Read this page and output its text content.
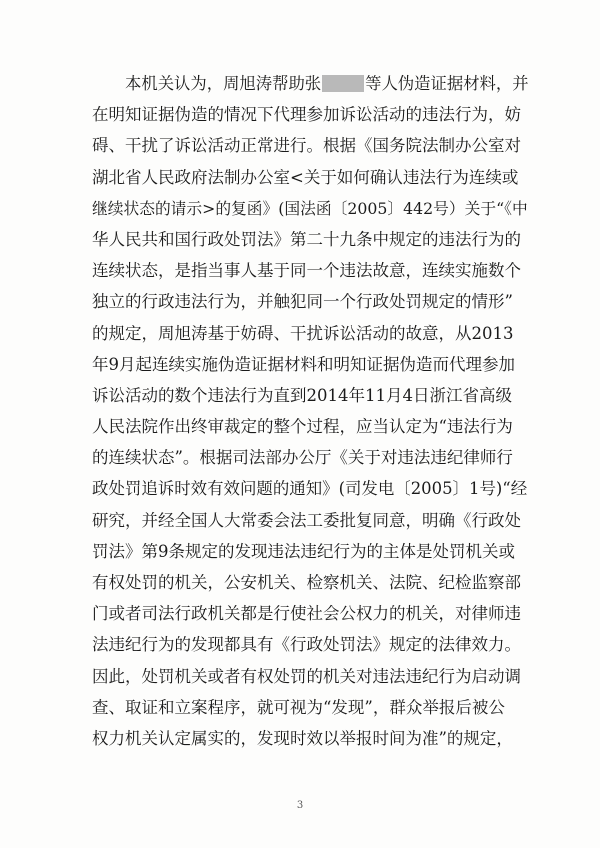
本机关认为，周旭涛帮助张	等人伪造证据材料，并
在明知证据伪造的情况下代理参加诉讼活动的违法行为，妨
碍、干扰了诉讼活动正常进行。根据《国务院法制办公室对
湖北省人民政府法制办公室<关于如何确认违法行为连续或
继续状态的请示>的复函》(国法函〔2005〕442号）关于“《中
华人民共和国行政处罚法》第二十九条中规定的违法行为的
连续状态，是指当事人基于同一个违法故意，连续实施数个
独立的行政违法行为，并触犯同一个行政处罚规定的情形”
的规定，周旭涛基于妨碍、干扰诉讼活动的故意，从2013
年9月起连续实施伪造证据材料和明知证据伪造而代理参加
诉讼活动的数个违法行为直到2014年11月4日浙江省高级
人民法院作出终审裁定的整个过程，应当认定为“违法行为
的连续状态”。根据司法部办公厅《关于对违法违纪律师行
政处罚追诉时效有效问题的通知》(司发电〔2005〕1号)“经
研究，并经全国人大常委会法工委批复同意，明确《行政处
罚法》第9条规定的发现违法违纪行为的主体是处罚机关或
有权处罚的机关，公安机关、检察机关、法院、纪检监察部
门或者司法行政机关都是行使社会公权力的机关，对律师违
法违纪行为的发现都具有《行政处罚法》规定的法律效力。
因此，处罚机关或者有权处罚的机关对违法违纪行为启动调
查、取证和立案程序，就可视为“发现”，群众举报后被公
权力机关认定属实的，发现时效以举报时间为准”的规定，
3
